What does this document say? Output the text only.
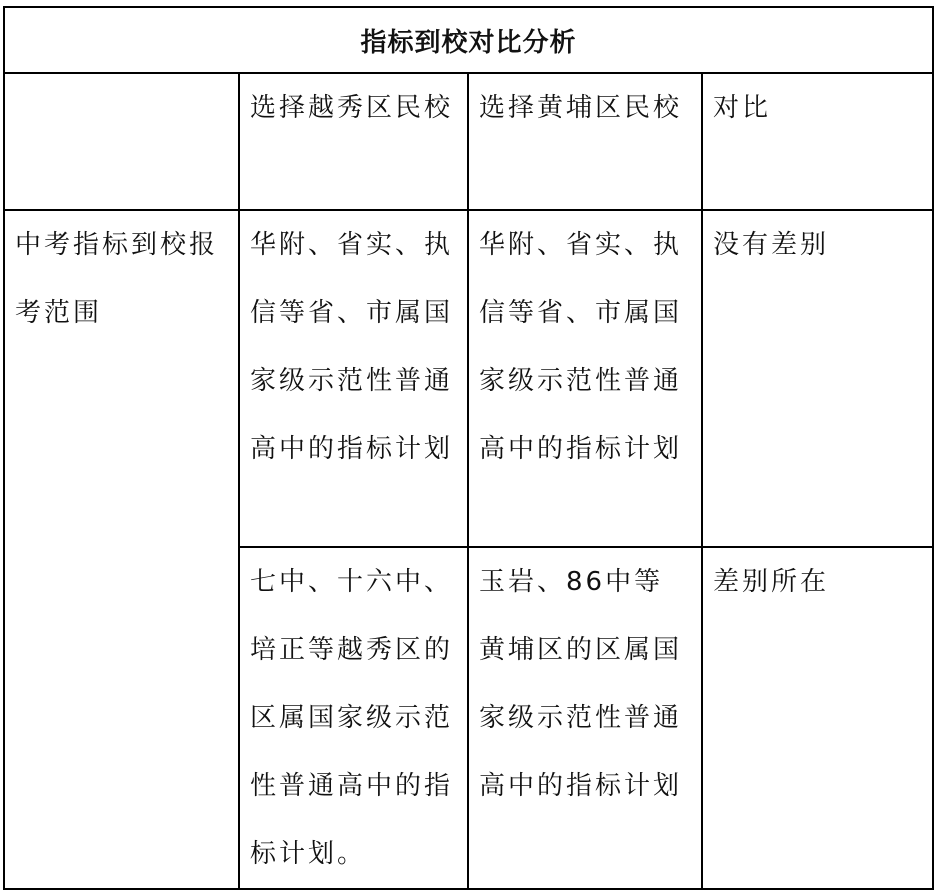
指标到校对比分析			
	选择越秀区民校	选择黄埔区民校	对比
中考指标到校报考范围	华附、省实、执信等省、市属国家级示范性普通高中的指标计划	华附、省实、执信等省、市属国家级示范性普通高中的指标计划	没有差别
	七中、十六中、培正等越秀区的区属国家级示范性普通高中的指标计划。	玉岩、86中等黄埔区的区属国家级示范性普通高中的指标计划	差别所在
